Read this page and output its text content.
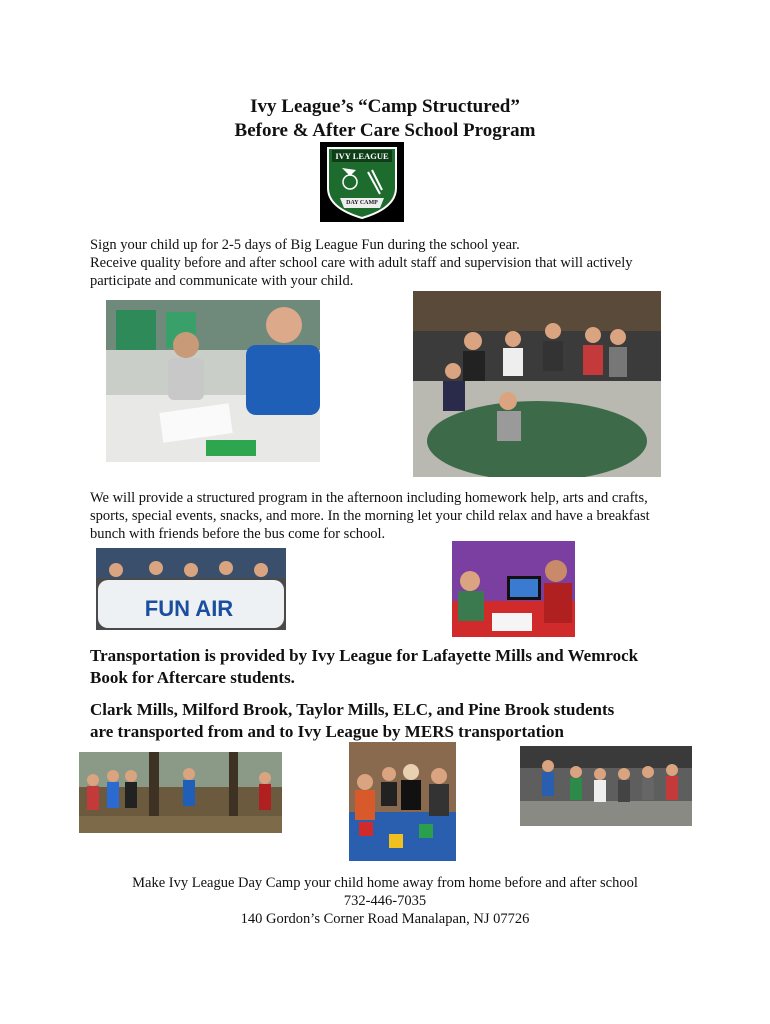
Ivy League’s “Camp Structured”
Before & After Care School Program
IVY LEAGUE
DAY CAMP
Sign your child up for 2-5 days of Big League Fun during the school year.
Receive quality before and after school care with adult staff and supervision that will actively
participate and communicate with your child.
We will provide a structured program in the afternoon including homework help, arts and crafts,
sports, special events, snacks, and more. In the morning let your child relax and have a breakfast
bunch with friends before the bus come for school.
FUN AIR
Transportation is provided by Ivy League for Lafayette Mills and Wemrock
Book for Aftercare students.
Clark Mills, Milford Brook, Taylor Mills, ELC, and Pine Brook students
are transported from and to Ivy League by MERS transportation
Make Ivy League Day Camp your child home away from home before and after school
732-446-7035
140 Gordon’s Corner Road Manalapan, NJ 07726
